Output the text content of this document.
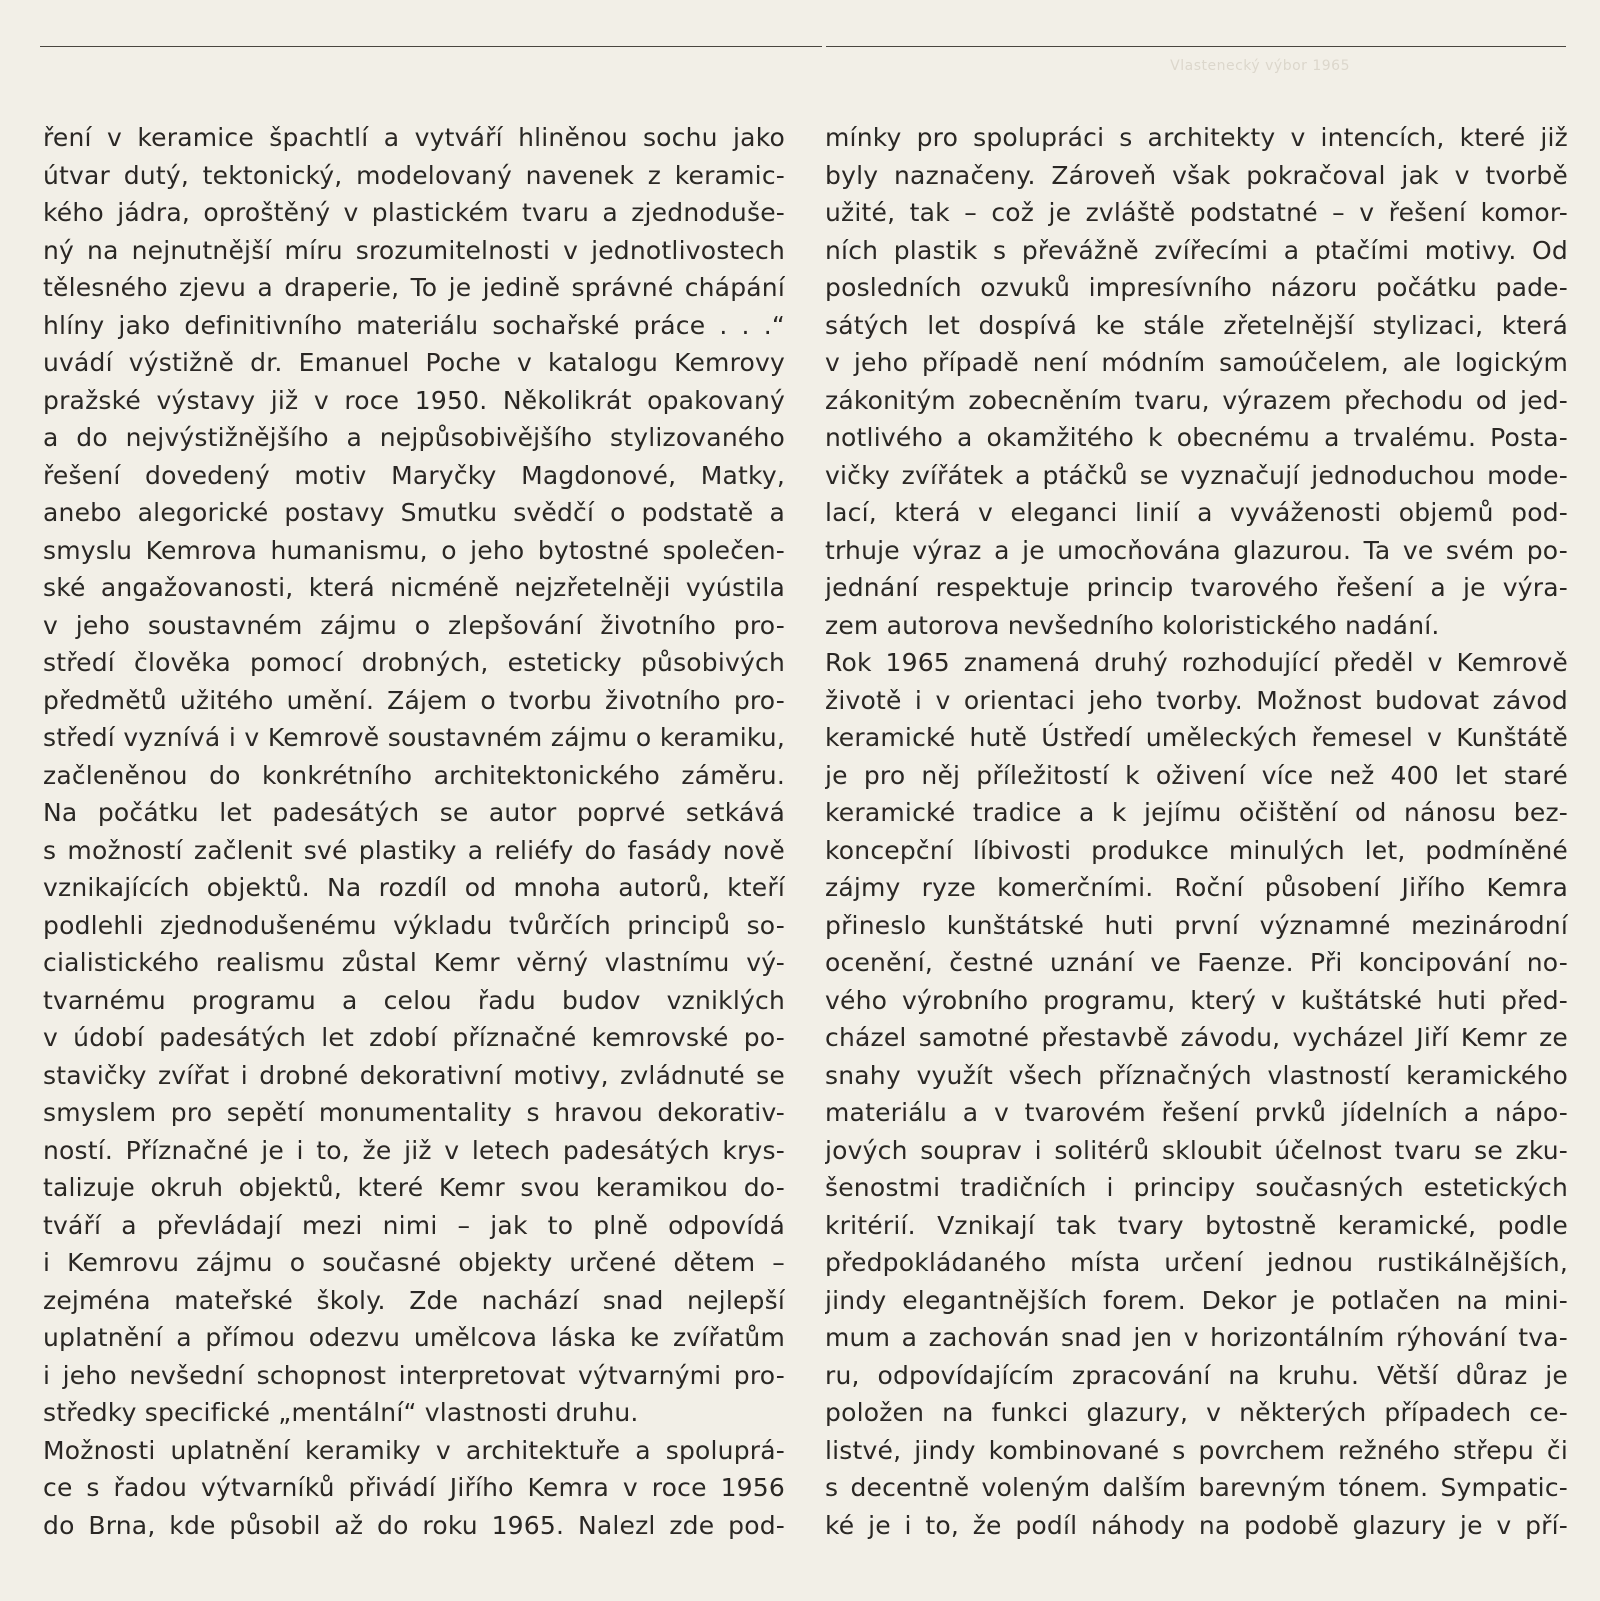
Vlastenecký výbor 1965
ření v keramice špachtlí a vytváří hliněnou sochu jako
útvar dutý, tektonický, modelovaný navenek z keramic-
kého jádra, oproštěný v plastickém tvaru a zjednoduše-
ný na nejnutnější míru srozumitelnosti v jednotlivostech
tělesného zjevu a draperie, To je jedině správné chápání
hlíny jako definitivního materiálu sochařské práce . . .“
uvádí výstižně dr. Emanuel Poche v katalogu Kemrovy
pražské výstavy již v roce 1950. Několikrát opakovaný
a do nejvýstižnějšího a nejpůsobivějšího stylizovaného
řešení dovedený motiv Maryčky Magdonové, Matky,
anebo alegorické postavy Smutku svědčí o podstatě a
smyslu Kemrova humanismu, o jeho bytostné společen-
ské angažovanosti, která nicméně nejzřetelněji vyústila
v jeho soustavném zájmu o zlepšování životního pro-
středí člověka pomocí drobných, esteticky působivých
předmětů užitého umění. Zájem o tvorbu životního pro-
středí vyznívá i v Kemrově soustavném zájmu o keramiku,
začleněnou do konkrétního architektonického záměru.
Na počátku let padesátých se autor poprvé setkává
s možností začlenit své plastiky a reliéfy do fasády nově
vznikajících objektů. Na rozdíl od mnoha autorů, kteří
podlehli zjednodušenému výkladu tvůrčích principů so-
cialistického realismu zůstal Kemr věrný vlastnímu vý-
tvarnému programu a celou řadu budov vzniklých
v údobí padesátých let zdobí příznačné kemrovské po-
stavičky zvířat i drobné dekorativní motivy, zvládnuté se
smyslem pro sepětí monumentality s hravou dekorativ-
ností. Příznačné je i to, že již v letech padesátých krys-
talizuje okruh objektů, které Kemr svou keramikou do-
tváří a převládají mezi nimi – jak to plně odpovídá
i Kemrovu zájmu o současné objekty určené dětem –
zejména mateřské školy. Zde nachází snad nejlepší
uplatnění a přímou odezvu umělcova láska ke zvířatům
i jeho nevšední schopnost interpretovat výtvarnými pro-
středky specifické „mentální“ vlastnosti druhu.
Možnosti uplatnění keramiky v architektuře a spoluprá-
ce s řadou výtvarníků přivádí Jiřího Kemra v roce 1956
do Brna, kde působil až do roku 1965. Nalezl zde pod-
mínky pro spolupráci s architekty v intencích, které již
byly naznačeny. Zároveň však pokračoval jak v tvorbě
užité, tak – což je zvláště podstatné – v řešení komor-
ních plastik s převážně zvířecími a ptačími motivy. Od
posledních ozvuků impresívního názoru počátku pade-
sátých let dospívá ke stále zřetelnější stylizaci, která
v jeho případě není módním samoúčelem, ale logickým
zákonitým zobecněním tvaru, výrazem přechodu od jed-
notlivého a okamžitého k obecnému a trvalému. Posta-
vičky zvířátek a ptáčků se vyznačují jednoduchou mode-
lací, která v eleganci linií a vyváženosti objemů pod-
trhuje výraz a je umocňována glazurou. Ta ve svém po-
jednání respektuje princip tvarového řešení a je výra-
zem autorova nevšedního koloristického nadání.
Rok 1965 znamená druhý rozhodující předěl v Kemrově
životě i v orientaci jeho tvorby. Možnost budovat závod
keramické hutě Ústředí uměleckých řemesel v Kunštátě
je pro něj příležitostí k oživení více než 400 let staré
keramické tradice a k jejímu očištění od nánosu bez-
koncepční líbivosti produkce minulých let, podmíněné
zájmy ryze komerčními. Roční působení Jiřího Kemra
přineslo kunštátské huti první významné mezinárodní
ocenění, čestné uznání ve Faenze. Při koncipování no-
vého výrobního programu, který v kuštátské huti před-
cházel samotné přestavbě závodu, vycházel Jiří Kemr ze
snahy využít všech příznačných vlastností keramického
materiálu a v tvarovém řešení prvků jídelních a nápo-
jových souprav i solitérů skloubit účelnost tvaru se zku-
šenostmi tradičních i principy současných estetických
kritérií. Vznikají tak tvary bytostně keramické, podle
předpokládaného místa určení jednou rustikálnějších,
jindy elegantnějších forem. Dekor je potlačen na mini-
mum a zachován snad jen v horizontálním rýhování tva-
ru, odpovídajícím zpracování na kruhu. Větší důraz je
položen na funkci glazury, v některých případech ce-
listvé, jindy kombinované s povrchem režného střepu či
s decentně voleným dalším barevným tónem. Sympatic-
ké je i to, že podíl náhody na podobě glazury je v pří-
